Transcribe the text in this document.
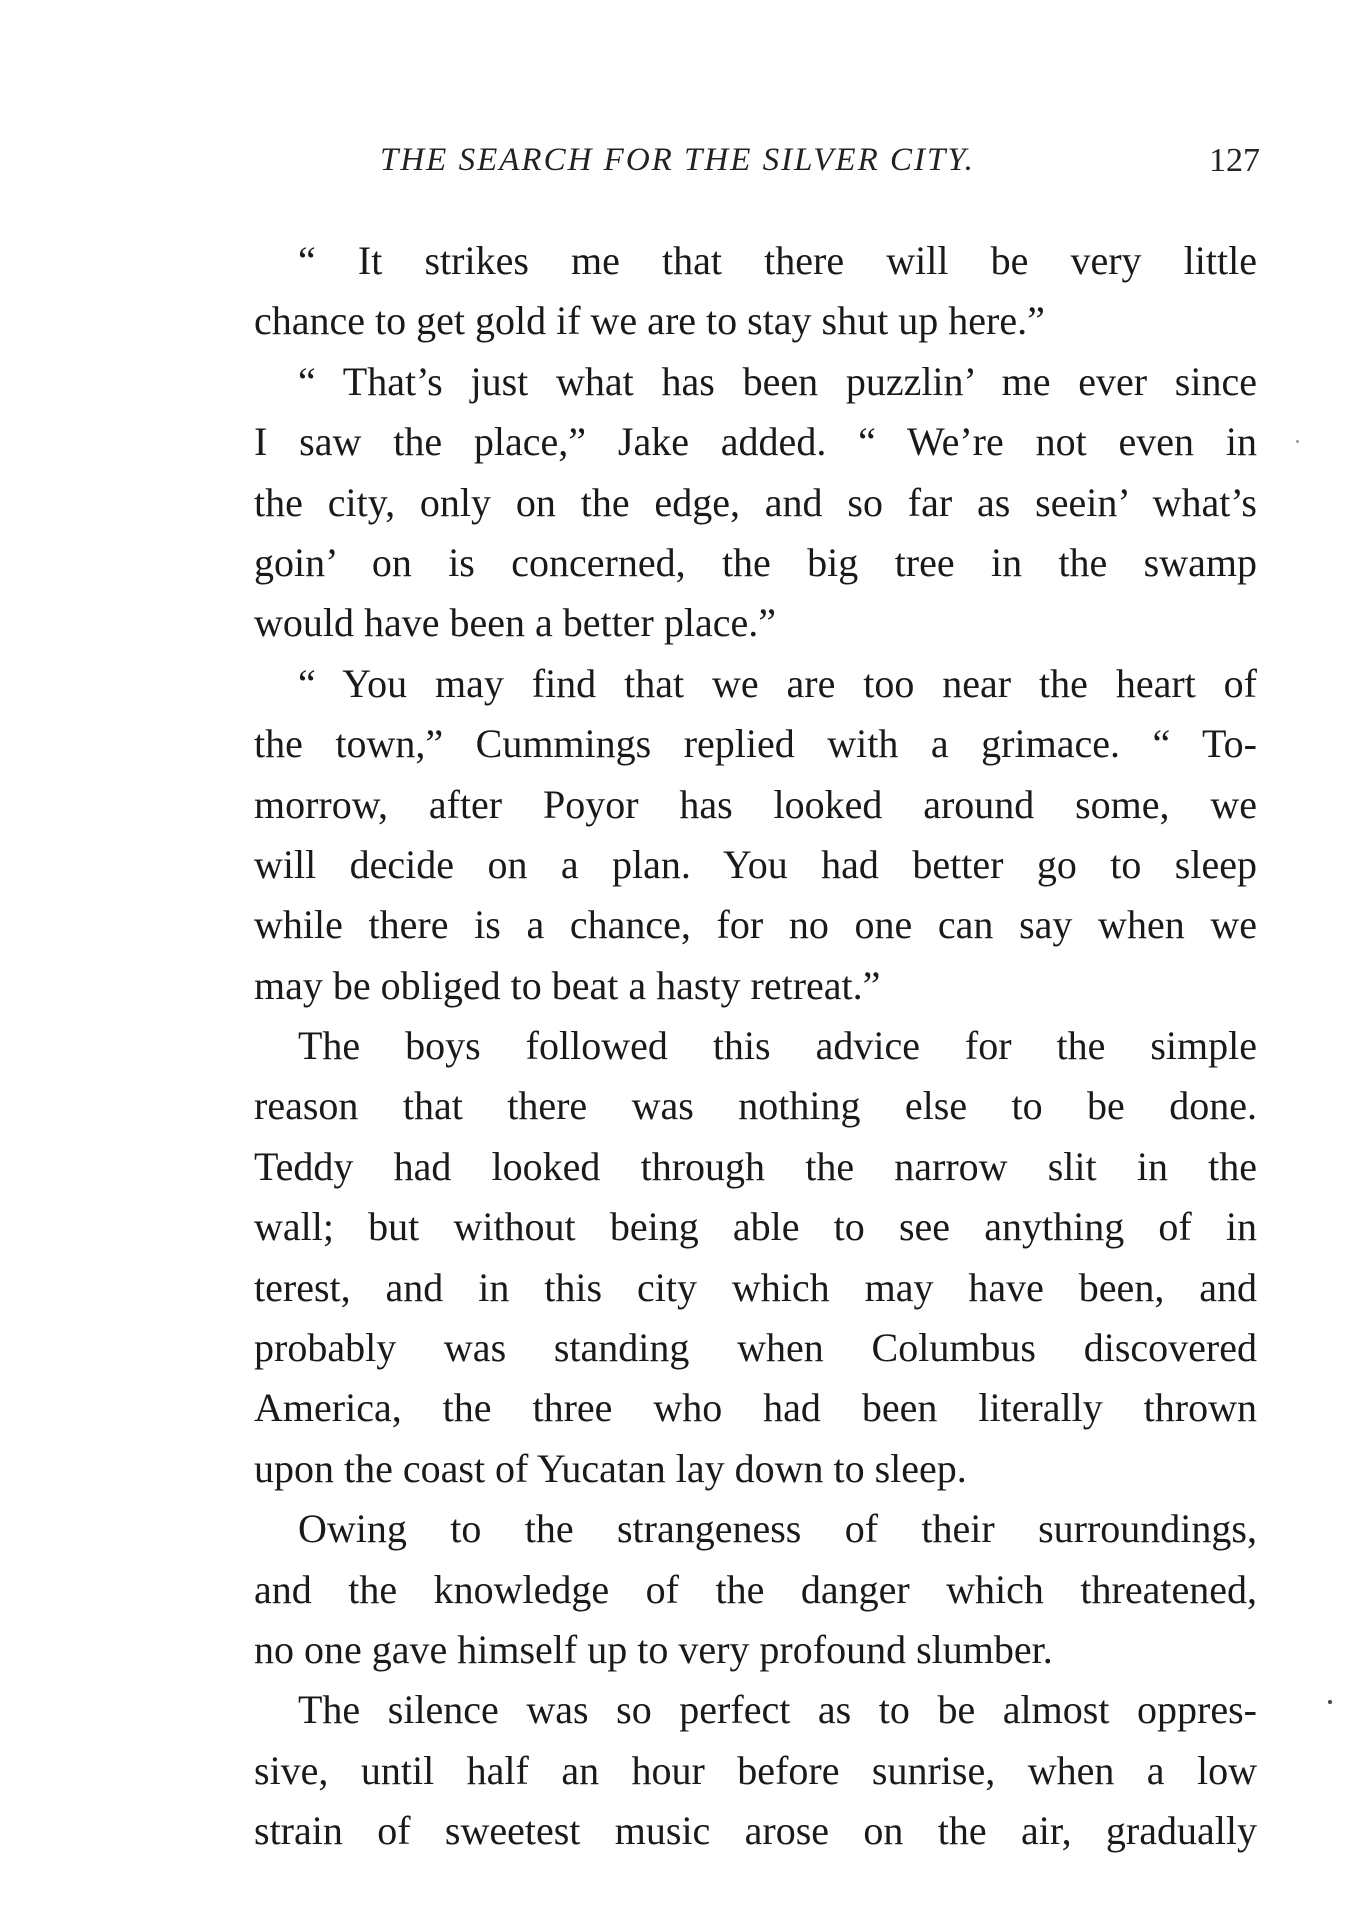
THE SEARCH FOR THE SILVER CITY.	127
“ It strikes me that there will be very little
chance to get gold if we are to stay shut up here.”
“ That’s just what has been puzzlin’ me ever since
I saw the place,” Jake added. “ We’re not even in
the city, only on the edge, and so far as seein’ what’s
goin’ on is concerned, the big tree in the swamp
would have been a better place.”
“ You may find that we are too near the heart of
the town,” Cummings replied with a grimace. “ To-
morrow, after Poyor has looked around some, we
will decide on a plan. You had better go to sleep
while there is a chance, for no one can say when we
may be obliged to beat a hasty retreat.”
The boys followed this advice for the simple
reason that there was nothing else to be done.
Teddy had looked through the narrow slit in the
wall; but without being able to see anything of in
terest, and in this city which may have been, and
probably was standing when Columbus discovered
America, the three who had been literally thrown
upon the coast of Yucatan lay down to sleep.
Owing to the strangeness of their surroundings,
and the knowledge of the danger which threatened,
no one gave himself up to very profound slumber.
The silence was so perfect as to be almost oppres-
sive, until half an hour before sunrise, when a low
strain of sweetest music arose on the air, gradually
